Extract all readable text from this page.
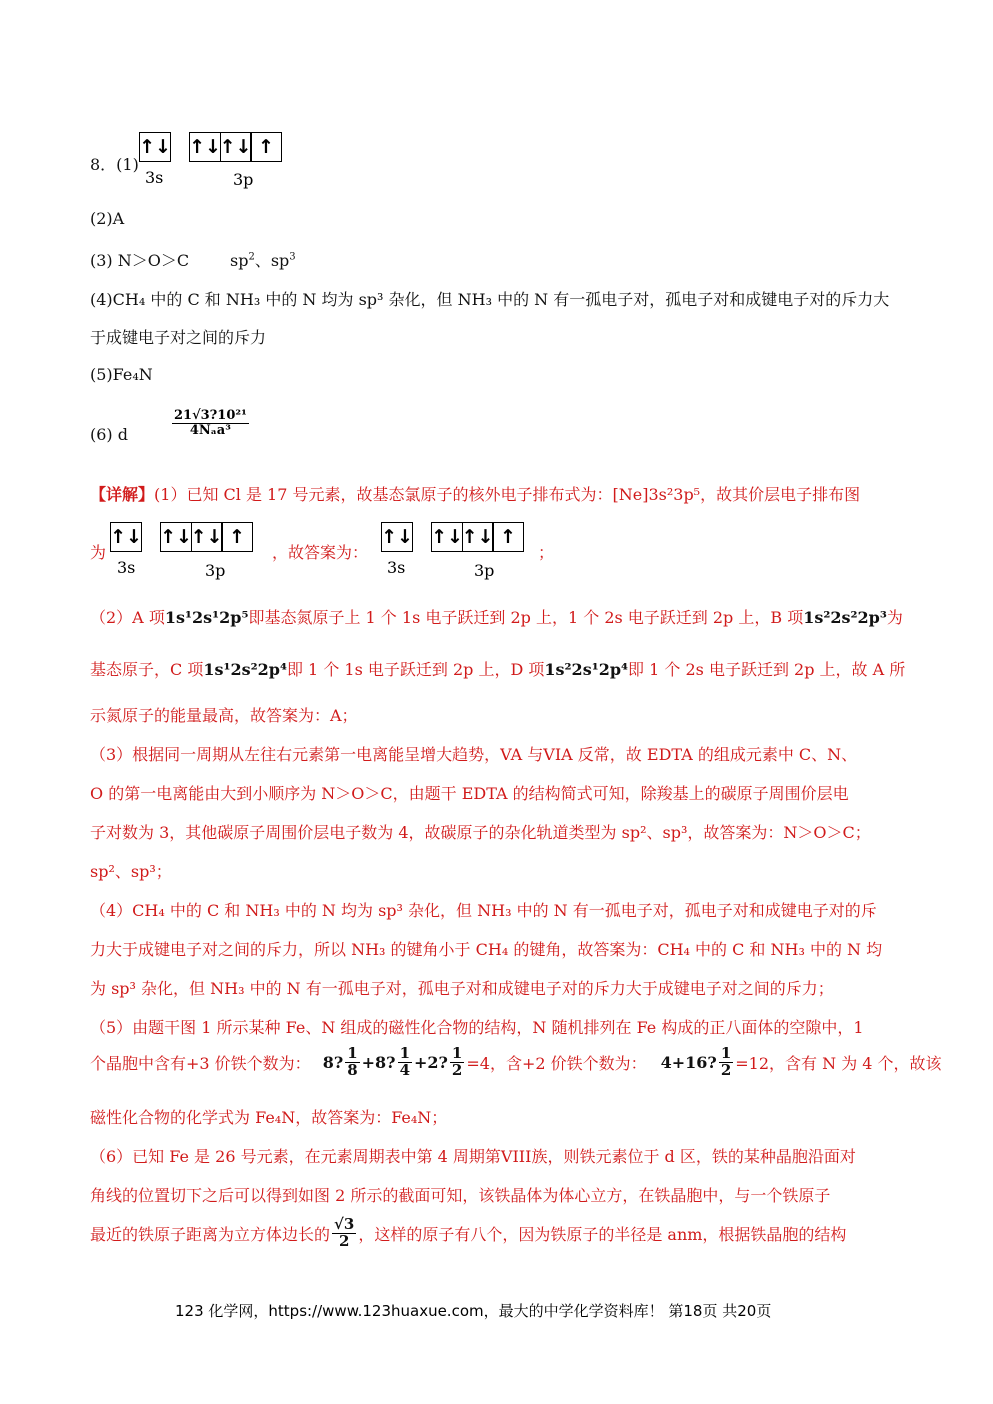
8．(1)
↑↓ ↑↓
↑↓ ↑
3s	3p
(2)A
(3) N＞O＞C	$sp^2$、$sp^3$
(4)CH₄ 中的 C 和 NH₃ 中的 N 均为 sp³ 杂化，但 NH₃ 中的 N 有一孤电子对，孤电子对和成键电子对的斥力大
于成键电子对之间的斥力
(5)Fe₄N
(6) d	$\frac{\text{21√3?10²¹}}{\text{4Nₐa³}}$
【详解】(1）已知 Cl 是 17 号元素，故基态氯原子的核外电子排布式为：[Ne]3s²3p⁵，故其价层电子排布图
为
↑↓ ↑↓
↑↓ ↑
3s	3p
，故答案为：
↑↓ ↑↓
↑↓ ↑
3s	3p
；
（2）A 项1s¹2s¹2p⁵即基态氮原子上 1 个 1s 电子跃迁到 2p 上，1 个 2s 电子跃迁到 2p 上，B 项1s²2s²2p³为
基态原子，C 项1s¹2s²2p⁴即 1 个 1s 电子跃迁到 2p 上，D 项1s²2s¹2p⁴即 1 个 2s 电子跃迁到 2p 上，故 A 所
示氮原子的能量最高，故答案为：A；
（3）根据同一周期从左往右元素第一电离能呈增大趋势，VA 与VIA 反常，故 EDTA 的组成元素中 C、N、
O 的第一电离能由大到小顺序为 N＞O＞C，由题干 EDTA 的结构简式可知，除羧基上的碳原子周围价层电
子对数为 3，其他碳原子周围价层电子数为 4，故碳原子的杂化轨道类型为 sp²、sp³，故答案为：N＞O＞C；
sp²、sp³；
（4）CH₄ 中的 C 和 NH₃ 中的 N 均为 sp³ 杂化，但 NH₃ 中的 N 有一孤电子对，孤电子对和成键电子对的斥
力大于成键电子对之间的斥力，所以 NH₃ 的键角小于 CH₄ 的键角，故答案为：CH₄ 中的 C 和 NH₃ 中的 N 均
为 sp³ 杂化，但 NH₃ 中的 N 有一孤电子对，孤电子对和成键电子对的斥力大于成键电子对之间的斥力；
（5）由题干图 1 所示某种 Fe、N 组成的磁性化合物的结构，N 随机排列在 Fe 构成的正八面体的空隙中，1
个晶胞中含有+3 价铁个数为： 8? $\frac{1}{8} +8$? $\frac{1}{4} +2$? $\frac{1}{2} =4$，含+2 价铁个数为： 4+16? $\frac{1}{2} =12$，含有 N 为 4 个，故该
磁性化合物的化学式为 Fe₄N，故答案为：Fe₄N；
（6）已知 Fe 是 26 号元素，在元素周期表中第 4 周期第VIII族，则铁元素位于 d 区，铁的某种晶胞沿面对
角线的位置切下之后可以得到如图 2 所示的截面可知，该铁晶体为体心立方，在铁晶胞中，与一个铁原子
最近的铁原子距离为立方体边长的 $\frac{√3}{2}$ ，这样的原子有八个，因为铁原子的半径是 anm，根据铁晶胞的结构
123 化学网，https://www.123huaxue.com，最大的中学化学资料库！ 第18页 共20页
